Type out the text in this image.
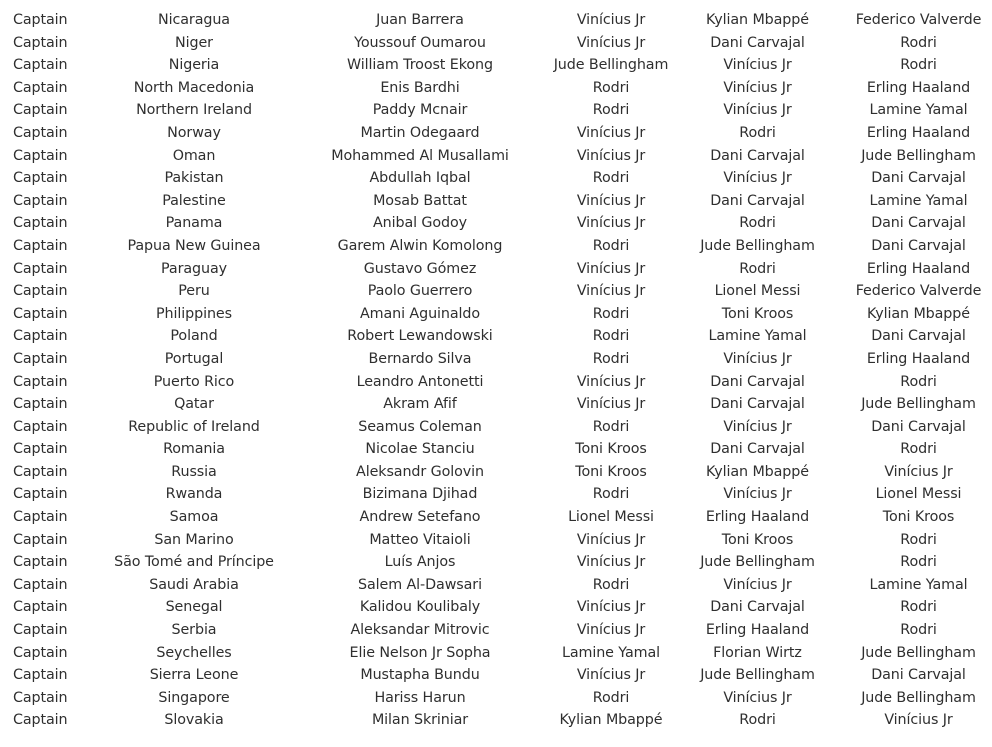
Captain	Nicaragua	Juan Barrera	Vinícius Jr	Kylian Mbappé	Federico Valverde
Captain	Niger	Youssouf Oumarou	Vinícius Jr	Dani Carvajal	Rodri
Captain	Nigeria	William Troost Ekong	Jude Bellingham	Vinícius Jr	Rodri
Captain	North Macedonia	Enis Bardhi	Rodri	Vinícius Jr	Erling Haaland
Captain	Northern Ireland	Paddy Mcnair	Rodri	Vinícius Jr	Lamine Yamal
Captain	Norway	Martin Odegaard	Vinícius Jr	Rodri	Erling Haaland
Captain	Oman	Mohammed Al Musallami	Vinícius Jr	Dani Carvajal	Jude Bellingham
Captain	Pakistan	Abdullah Iqbal	Rodri	Vinícius Jr	Dani Carvajal
Captain	Palestine	Mosab Battat	Vinícius Jr	Dani Carvajal	Lamine Yamal
Captain	Panama	Anibal Godoy	Vinícius Jr	Rodri	Dani Carvajal
Captain	Papua New Guinea	Garem Alwin Komolong	Rodri	Jude Bellingham	Dani Carvajal
Captain	Paraguay	Gustavo Gómez	Vinícius Jr	Rodri	Erling Haaland
Captain	Peru	Paolo Guerrero	Vinícius Jr	Lionel Messi	Federico Valverde
Captain	Philippines	Amani Aguinaldo	Rodri	Toni Kroos	Kylian Mbappé
Captain	Poland	Robert Lewandowski	Rodri	Lamine Yamal	Dani Carvajal
Captain	Portugal	Bernardo Silva	Rodri	Vinícius Jr	Erling Haaland
Captain	Puerto Rico	Leandro Antonetti	Vinícius Jr	Dani Carvajal	Rodri
Captain	Qatar	Akram Afif	Vinícius Jr	Dani Carvajal	Jude Bellingham
Captain	Republic of Ireland	Seamus Coleman	Rodri	Vinícius Jr	Dani Carvajal
Captain	Romania	Nicolae Stanciu	Toni Kroos	Dani Carvajal	Rodri
Captain	Russia	Aleksandr Golovin	Toni Kroos	Kylian Mbappé	Vinícius Jr
Captain	Rwanda	Bizimana Djihad	Rodri	Vinícius Jr	Lionel Messi
Captain	Samoa	Andrew Setefano	Lionel Messi	Erling Haaland	Toni Kroos
Captain	San Marino	Matteo Vitaioli	Vinícius Jr	Toni Kroos	Rodri
Captain	São Tomé and Príncipe	Luís Anjos	Vinícius Jr	Jude Bellingham	Rodri
Captain	Saudi Arabia	Salem Al-Dawsari	Rodri	Vinícius Jr	Lamine Yamal
Captain	Senegal	Kalidou Koulibaly	Vinícius Jr	Dani Carvajal	Rodri
Captain	Serbia	Aleksandar Mitrovic	Vinícius Jr	Erling Haaland	Rodri
Captain	Seychelles	Elie Nelson Jr Sopha	Lamine Yamal	Florian Wirtz	Jude Bellingham
Captain	Sierra Leone	Mustapha Bundu	Vinícius Jr	Jude Bellingham	Dani Carvajal
Captain	Singapore	Hariss Harun	Rodri	Vinícius Jr	Jude Bellingham
Captain	Slovakia	Milan Skriniar	Kylian Mbappé	Rodri	Vinícius Jr
